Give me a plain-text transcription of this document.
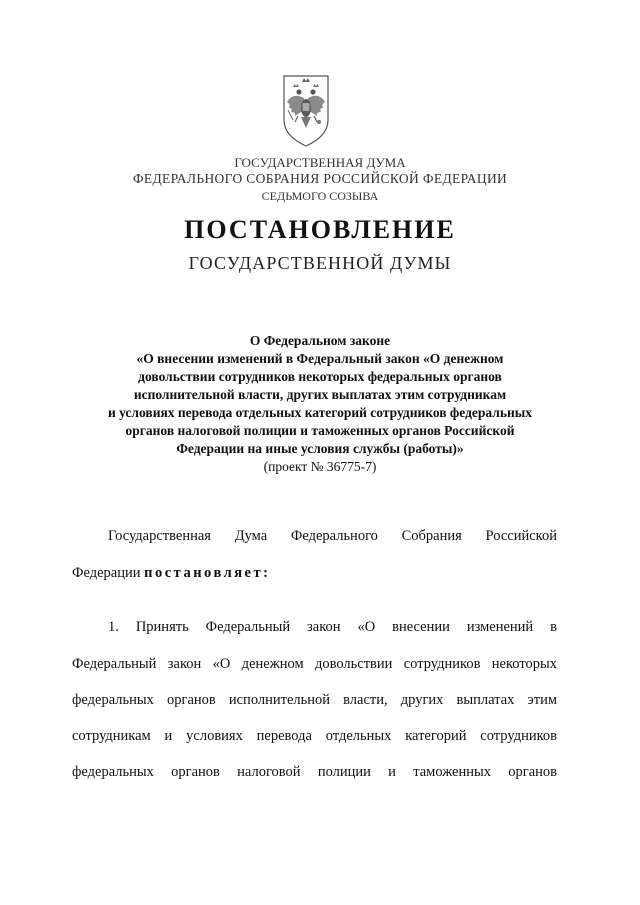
ГОСУДАРСТВЕННАЯ ДУМА
ФЕДЕРАЛЬНОГО СОБРАНИЯ РОССИЙСКОЙ ФЕДЕРАЦИИ
СЕДЬМОГО СОЗЫВА
ПОСТАНОВЛЕНИЕ
ГОСУДАРСТВЕННОЙ ДУМЫ
О Федеральном законе
«О внесении изменений в Федеральный закон «О денежном
довольствии сотрудников некоторых федеральных органов
исполнительной власти, других выплатах этим сотрудникам
и условиях перевода отдельных категорий сотрудников федеральных
органов налоговой полиции и таможенных органов Российской
Федерации на иные условия службы (работы)»
(проект № 36775-7)
Государственная Дума Федерального Собрания Российской
Федерации постановляет:
1. Принять Федеральный закон «О внесении изменений в
Федеральный закон «О денежном довольствии сотрудников некоторых
федеральных органов исполнительной власти, других выплатах этим
сотрудникам и условиях перевода отдельных категорий сотрудников
федеральных органов налоговой полиции и таможенных органов
